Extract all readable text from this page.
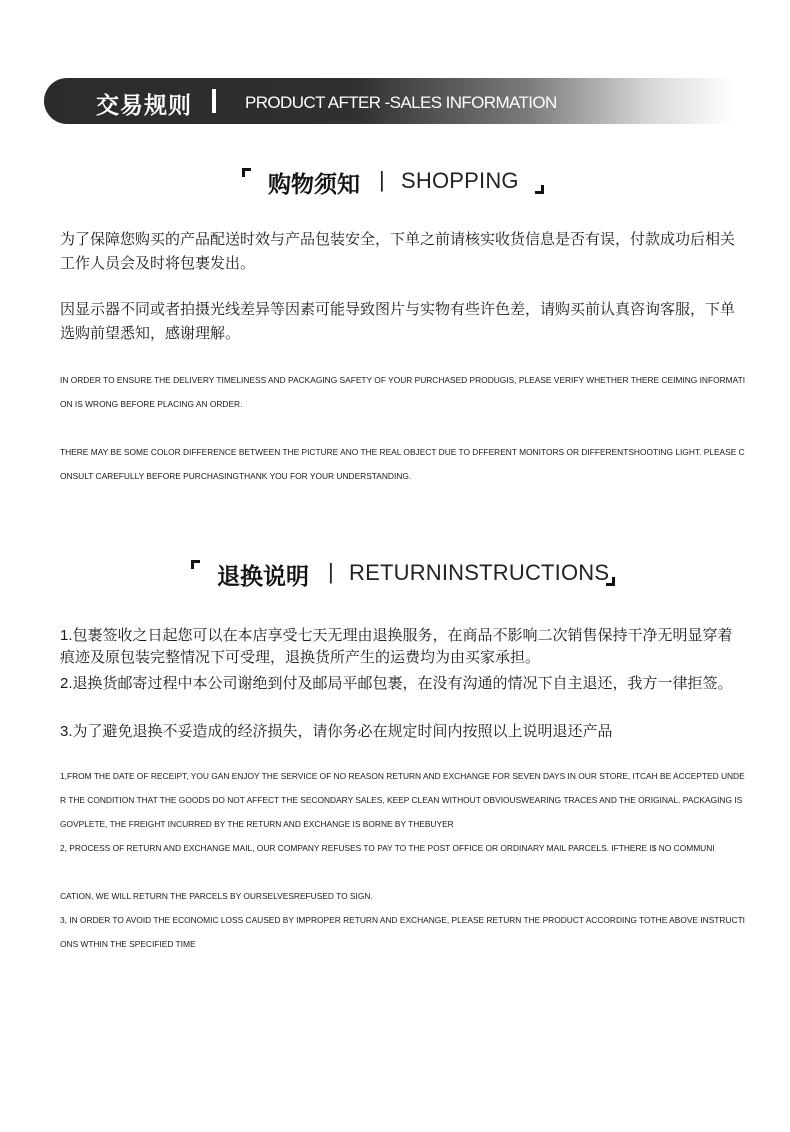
交易规则	PRODUCT AFTER -SALES INFORMATION
购物须知 | SHOPPING

为了保障您购买的产品配送时效与产品包装安全，下单之前请核实收货信息是否有误，付款成功后相关工作人员会及时将包裹发出。

因显示器不同或者拍摄光线差异等因素可能导致图片与实物有些许色差，请购买前认真咨询客服，下单选购前望悉知，感谢理解。

IN ORDER TO ENSURE THE DELIVERY TIMELINESS AND PACKAGING SAFETY OF YOUR PURCHASED PRODUGIS, PLEASE VERIFY WHETHER THERE CEIMING INFORMATION IS WRONG BEFORE PLACING AN ORDER.

THERE MAY BE SOME COLOR DIFFERENCE BETWEEN THE PICTURE ANO THE REAL OBJECT DUE TO DFFERENT MONITORS OR DIFFERENTSHOOTING LIGHT. PLEASE CONSULT CAREFULLY BEFORE PURCHASINGTHANK YOU FOR YOUR UNDERSTANDING.

退换说明 | RETURNINSTRUCTIONS

1.包裹签收之日起您可以在本店享受七天无理由退换服务，在商品不影响二次销售保持干净无明显穿着痕迹及原包装完整情况下可受理，退换货所产生的运费均为由买家承担。

2.退换货邮寄过程中本公司谢绝到付及邮局平邮包裹，在没有沟通的情况下自主退还，我方一律拒签。

3.为了避免退换不妥造成的经济损失，请你务必在规定时间内按照以上说明退还产品

1,FROM THE DATE OF RECEIPT, YOU GAN ENJOY THE SERVICE OF NO REASON RETURN AND EXCHANGE FOR SEVEN DAYS IN OUR STORE, ITCAH BE ACCEPTED UNDER THE CONDITION THAT THE GOODS DO NOT AFFECT THE SECONDARY SALES, KEEP CLEAN WITHOUT OBVIOUSWEARING TRACES AND THE ORIGINAL. PACKAGING IS GOVPLETE, THE FREIGHT INCURRED BY THE RETURN AND EXCHANGE IS BORNE BY THEBUYER

2, PROCESS OF RETURN AND EXCHANGE MAIL, OUR COMPANY REFUSES TO PAY TO THE POST OFFICE OR ORDINARY MAIL PARCELS. IFTHERE I$ NO COMMUNI

CATION, WE WILL RETURN THE PARCELS BY OURSELVESREFUSED TO SIGN.

3, IN ORDER TO AVOID THE ECONOMIC LOSS CAUSED BY IMPROPER RETURN AND EXCHANGE, PLEASE RETURN THE PRODUCT ACCORDING TOTHE ABOVE INSTRUCTIONS WTHIN THE SPECIFIED TIME
